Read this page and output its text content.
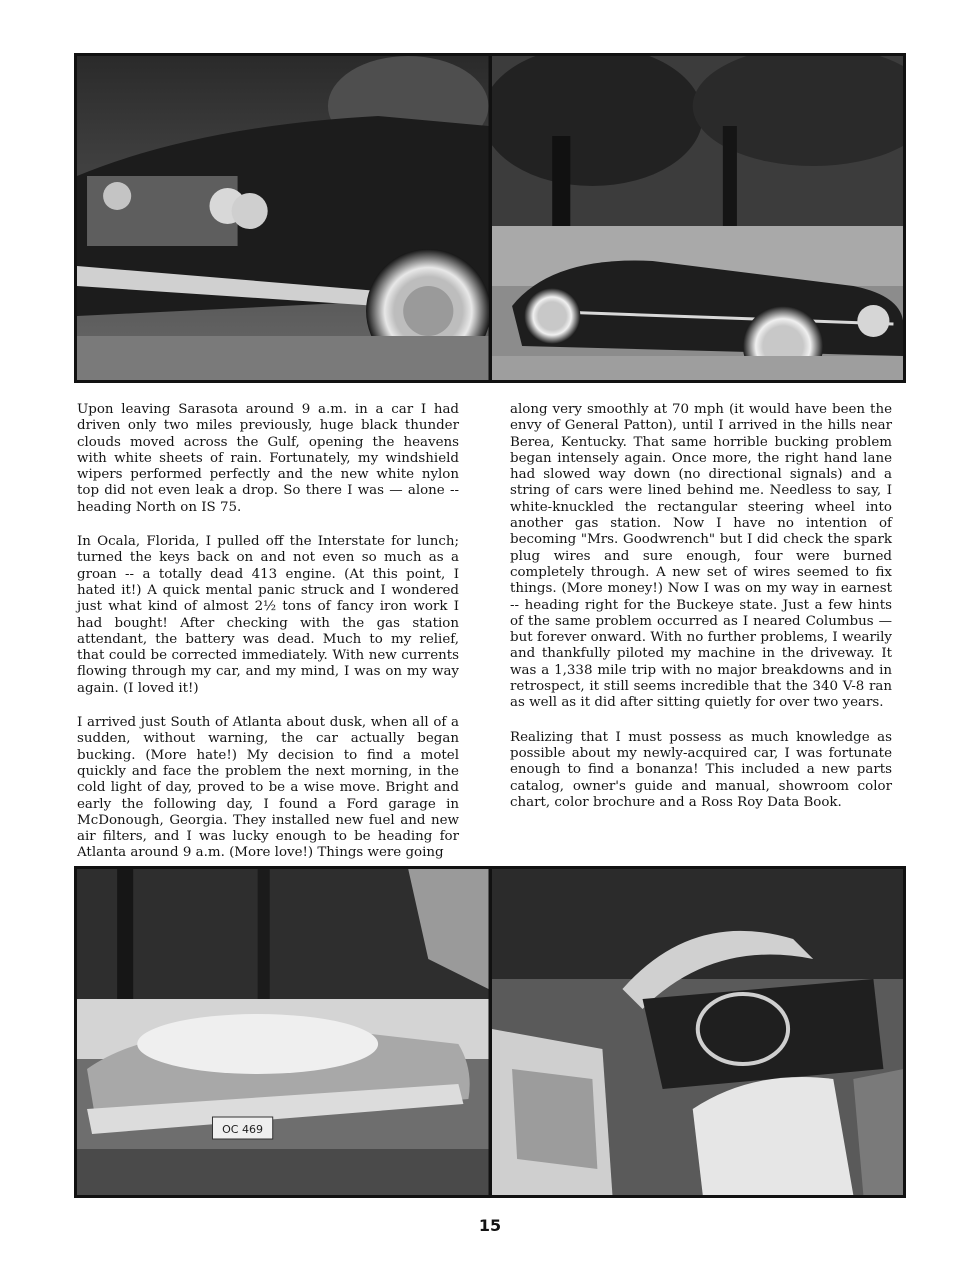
Upon leaving Sarasota around 9 a.m. in a car I had driven only two miles previously, huge black thunder clouds moved across the Gulf, opening the heavens with white sheets of rain. Fortunately, my windshield wipers performed perfectly and the new white nylon top did not even leak a drop. So there I was — alone -- heading North on IS 75.

In Ocala, Florida, I pulled off the Interstate for lunch; turned the keys back on and not even so much as a groan -- a totally dead 413 engine. (At this point, I hated it!) A quick mental panic struck and I wondered just what kind of almost 2½ tons of fancy iron work I had bought! After checking with the gas station attendant, the battery was dead. Much to my relief, that could be corrected immediately. With new currents flowing through my car, and my mind, I was on my way again. (I loved it!)

I arrived just South of Atlanta about dusk, when all of a sudden, without warning, the car actually began bucking. (More hate!) My decision to find a motel quickly and face the problem the next morning, in the cold light of day, proved to be a wise move. Bright and early the following day, I found a Ford garage in McDonough, Georgia. They installed new fuel and new air filters, and I was lucky enough to be heading for Atlanta around 9 a.m. (More love!) Things were going

along very smoothly at 70 mph (it would have been the envy of General Patton), until I arrived in the hills near Berea, Kentucky. That same horrible bucking problem began intensely again. Once more, the right hand lane had slowed way down (no directional signals) and a string of cars were lined behind me. Needless to say, I white-knuckled the rectangular steering wheel into another gas station. Now I have no intention of becoming "Mrs. Goodwrench" but I did check the spark plug wires and sure enough, four were burned completely through. A new set of wires seemed to fix things. (More money!) Now I was on my way in earnest -- heading right for the Buckeye state. Just a few hints of the same problem occurred as I neared Columbus — but forever onward. With no further problems, I wearily and thankfully piloted my machine in the driveway. It was a 1,338 mile trip with no major breakdowns and in retrospect, it still seems incredible that the 340 V-8 ran as well as it did after sitting quietly for over two years.

Realizing that I must possess as much knowledge as possible about my newly-acquired car, I was fortunate enough to find a bonanza! This included a new parts catalog, owner's guide and manual, showroom color chart, color brochure and a Ross Roy Data Book.

OC 469
15
